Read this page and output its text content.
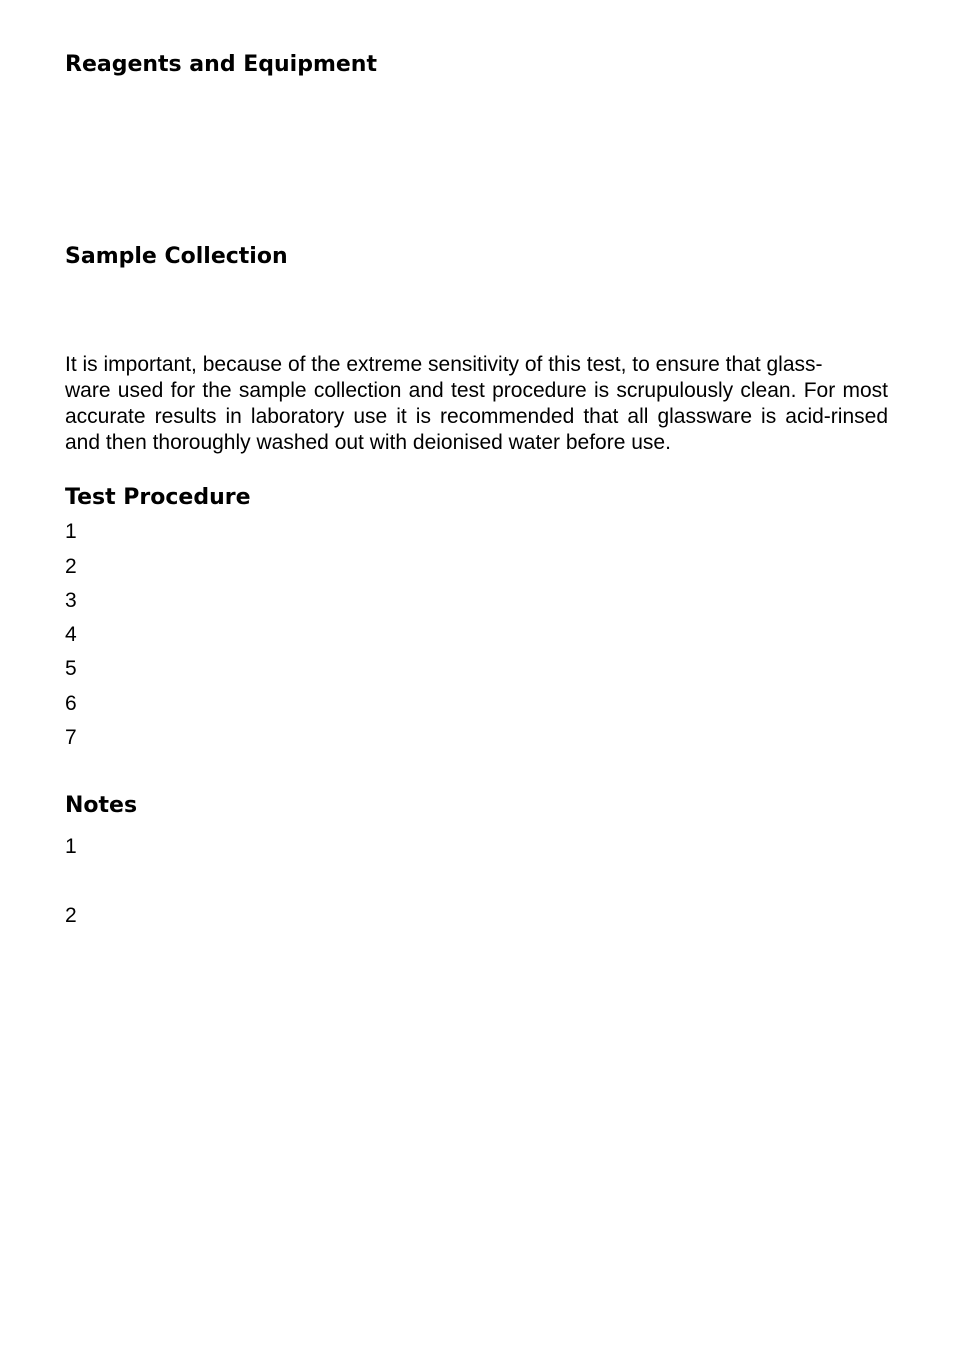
Reagents and Equipment
Sample Collection

It is important, because of the extreme sensitivity of this test, to ensure that glass-
ware used for the sample collection and test procedure is scrupulously clean. For most accurate results in laboratory use it is recommended that all glassware is acid-rinsed and then thoroughly washed out with deionised water before use.

Test Procedure
1
2
3
4
5
6
7
Notes
1
2
